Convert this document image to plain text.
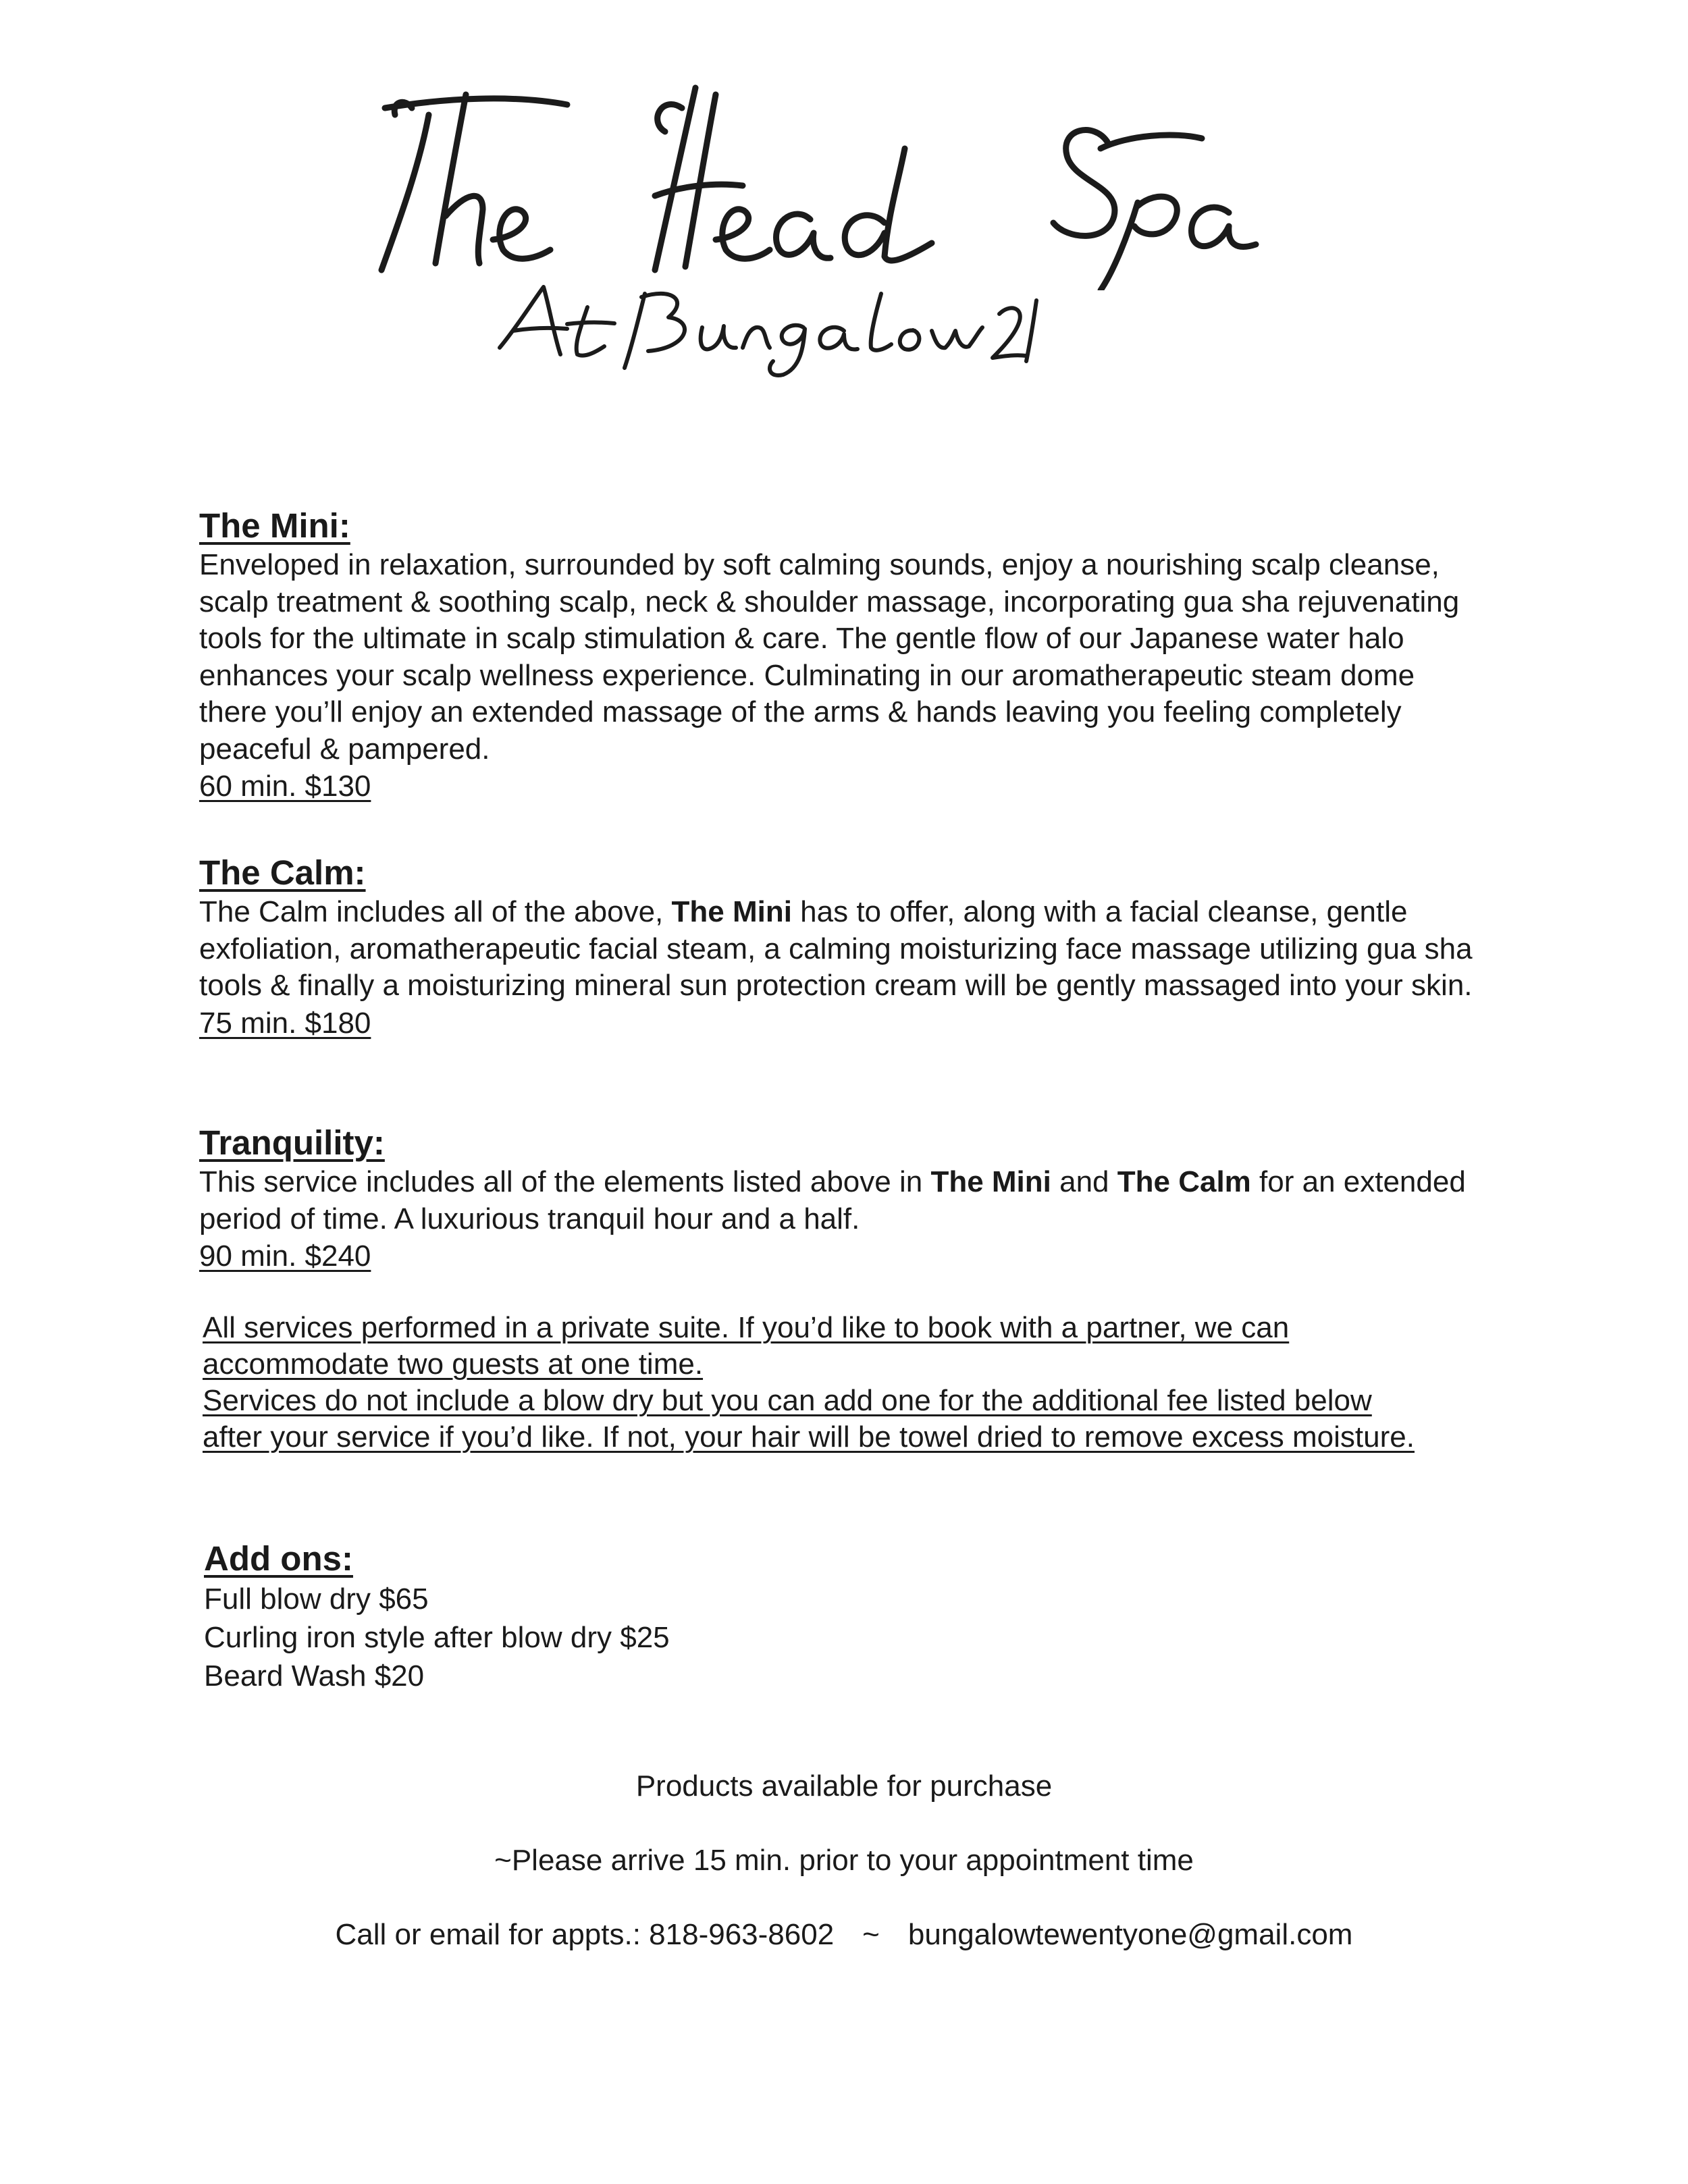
The Mini:

Enveloped in relaxation, surrounded by soft calming sounds, enjoy a nourishing scalp cleanse, scalp treatment & soothing scalp, neck & shoulder massage, incorporating gua sha rejuvenating tools for the ultimate in scalp stimulation & care. The gentle flow of our Japanese water halo enhances your scalp wellness experience. Culminating in our aromatherapeutic steam dome there you’ll enjoy an extended massage of the arms & hands leaving you feeling completely peaceful & pampered.

60 min. $130

The Calm:

The Calm includes all of the above, The Mini has to offer, along with a facial cleanse, gentle exfoliation, aromatherapeutic facial steam, a calming moisturizing face massage utilizing gua sha tools & finally a moisturizing mineral sun protection cream will be gently massaged into your skin.

75 min. $180

Tranquility:

This service includes all of the elements listed above in The Mini and The Calm for an extended period of time. A luxurious tranquil hour and a half.

90 min. $240

All services performed in a private suite. If you’d like to book with a partner, we can accommodate two guests at one time.

Services do not include a blow dry but you can add one for the additional fee listed below after your service if you’d like. If not, your hair will be towel dried to remove excess moisture.

Add ons:
Full blow dry $65
Curling iron style after blow dry $25
Beard Wash $20
Products available for purchase
~Please arrive 15 min. prior to your appointment time
Call or email for appts.: 818-963-8602 ~ bungalowtewentyone@gmail.com
